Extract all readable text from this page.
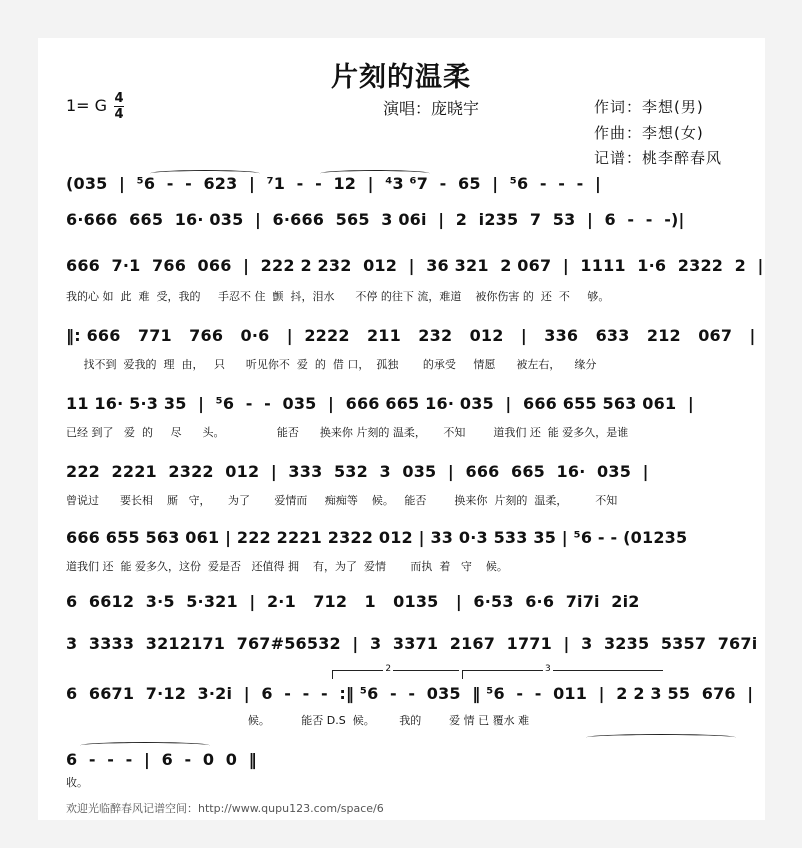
片刻的温柔
1= G 4
4	演唱：庞晓宇	作词：李想(男)
作曲：李想(女)
记谱：桃李醉春风
(035  |  ⁵6  -  -  623  |  ⁷1  -  -  12  |  ⁴3 ⁶7  -  65  |  ⁵6  -  -  -  |
6·666  665  16· 035  |  6·666  565  3 06i  |  2  i235  7  53  |  6  -  -  -)|
666  7·1  766  066  |  222 2 232  012  |  36 321  2 067  |  1111  1·6  2322  2  |
我的心 如  此  难  受，我的     手忍不 住  颤  抖，泪水      不停 的往下 流，难道    被你伤害 的  还  不     够。
‖: 666   771   766   0·6   |  2222   211   232   012   |   336   633   212   067   |
找不到  爱我的  理  由，   只      听见你不  爱  的  借 口，  孤独       的承受     情愿      被左右，    缘分
11 16· 5·3 35  |  ⁵6  -  -  035  |  666 665 16· 035  |  666 655 563 061  |
已经 到了   爱  的     尽      头。               能否      换来你 片刻的 温柔，     不知        道我们 还  能 爱多久，是谁
222  2221  2322  012  |  333  532  3  035  |  666  665  16·  035  |
曾说过      要长相    厮   守，     为了       爱情而     痴痴等    候。   能否        换来你  片刻的  温柔，        不知
666 655 563 061 | 222 2221 2322 012 | 33 0·3 533 35 | ⁵6 - - (01235
道我们 还  能 爱多久，这份  爱是否   还值得 拥    有，为了  爱情       而执  着   守    候。
6  6612  3·5  5·321  |  2·1   712   1   0135   |  6·53  6·6  7i7i  2i2
3  3333  3212171  767#56532  |  3  3371  2167  1771  |  3  3235  5357  767i
6  6671  7·12  3·2i  |  6  -  -  -  :‖ ⁵6  -  -  035  ‖ ⁵6  -  -  011  |  2 2 3 55  676  |
候。         能否 D.S  候。       我的        爱 情 已 覆水 难
6  -  -  -  |  6  -  0  0  ‖
收。
2	3
欢迎光临醉春风记谱空间：http://www.qupu123.com/space/6
